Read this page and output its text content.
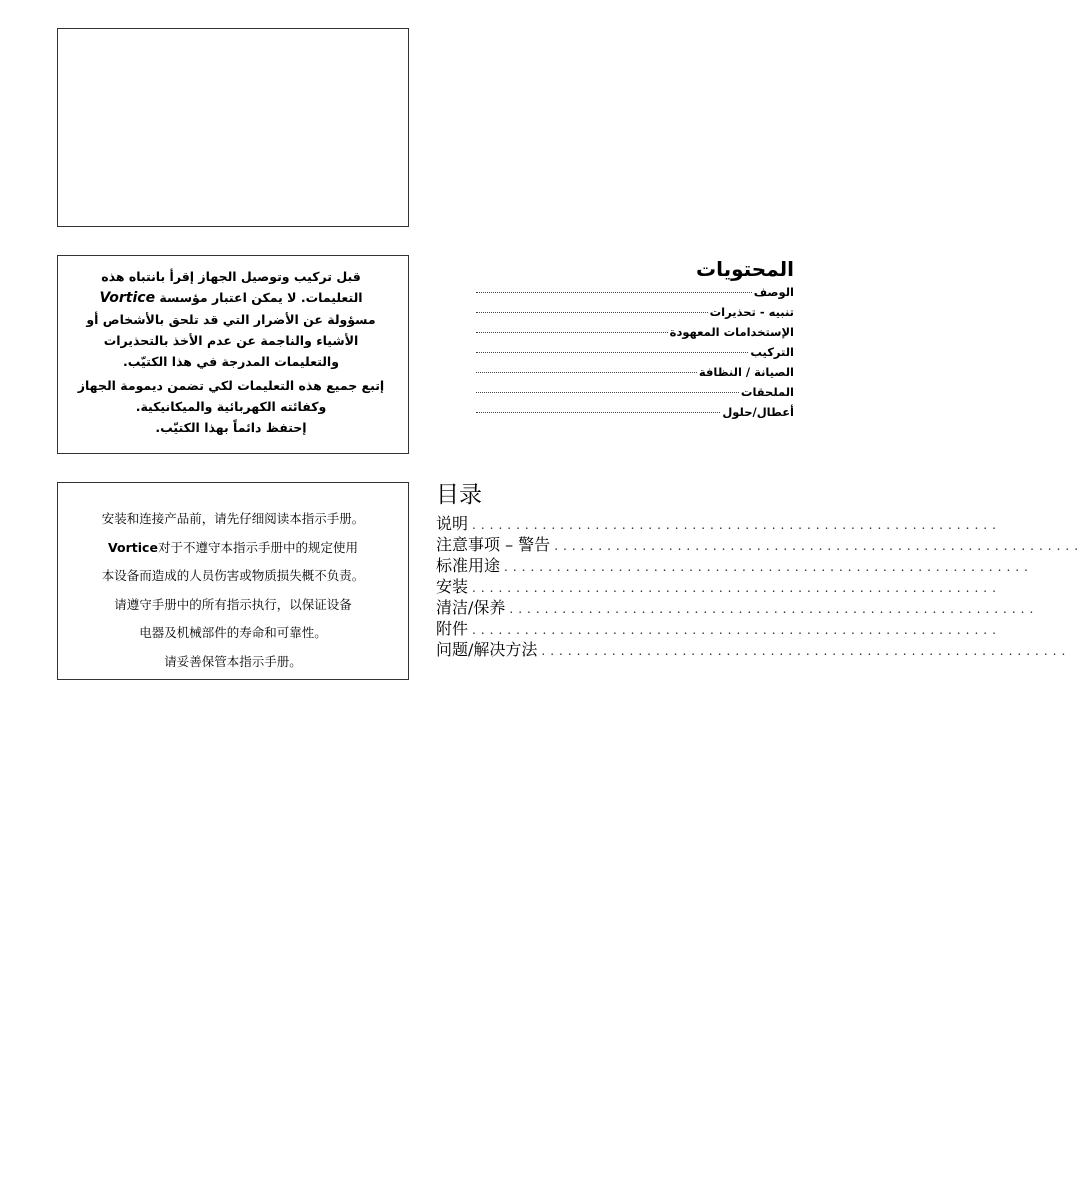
قبل تركيب وتوصيل الجهاز إقرأ بانتباه هذه التعليمات. لا يمكن اعتبار مؤسسة Vortice مسؤولة عن الأضرار التي قد تلحق بالأشخاص أو الأشياء والناجمة عن عدم الأخذ بالتحذيرات والتعليمات المدرجة في هذا الكتيّب.

إتبع جميع هذه التعليمات لكي تضمن ديمومة الجهاز وكفائته الكهربائية والميكانيكية.

إحتفظ دائماً بهذا الكتيّب.

安装和连接产品前，请先仔细阅读本指示手册。
Vortice对于不遵守本指示手册中的规定使用
本设备而造成的人员伤害或物质损失概不负责。
请遵守手册中的所有指示执行，以保证设备
电器及机械部件的寿命和可靠性。
请妥善保管本指示手册。
المحتويات
الوصف
تنبيه - تحذيرات
الإستخدامات المعهودة
التركيب
الصيانة / النظافة
الملحقات
أعطال/حلول
目录
说明 ............................................................
注意事项 – 警告 ............................................................
标准用途 ............................................................
安装 ............................................................
清洁/保养 ............................................................
附件 ............................................................
问题/解决方法 ............................................................
